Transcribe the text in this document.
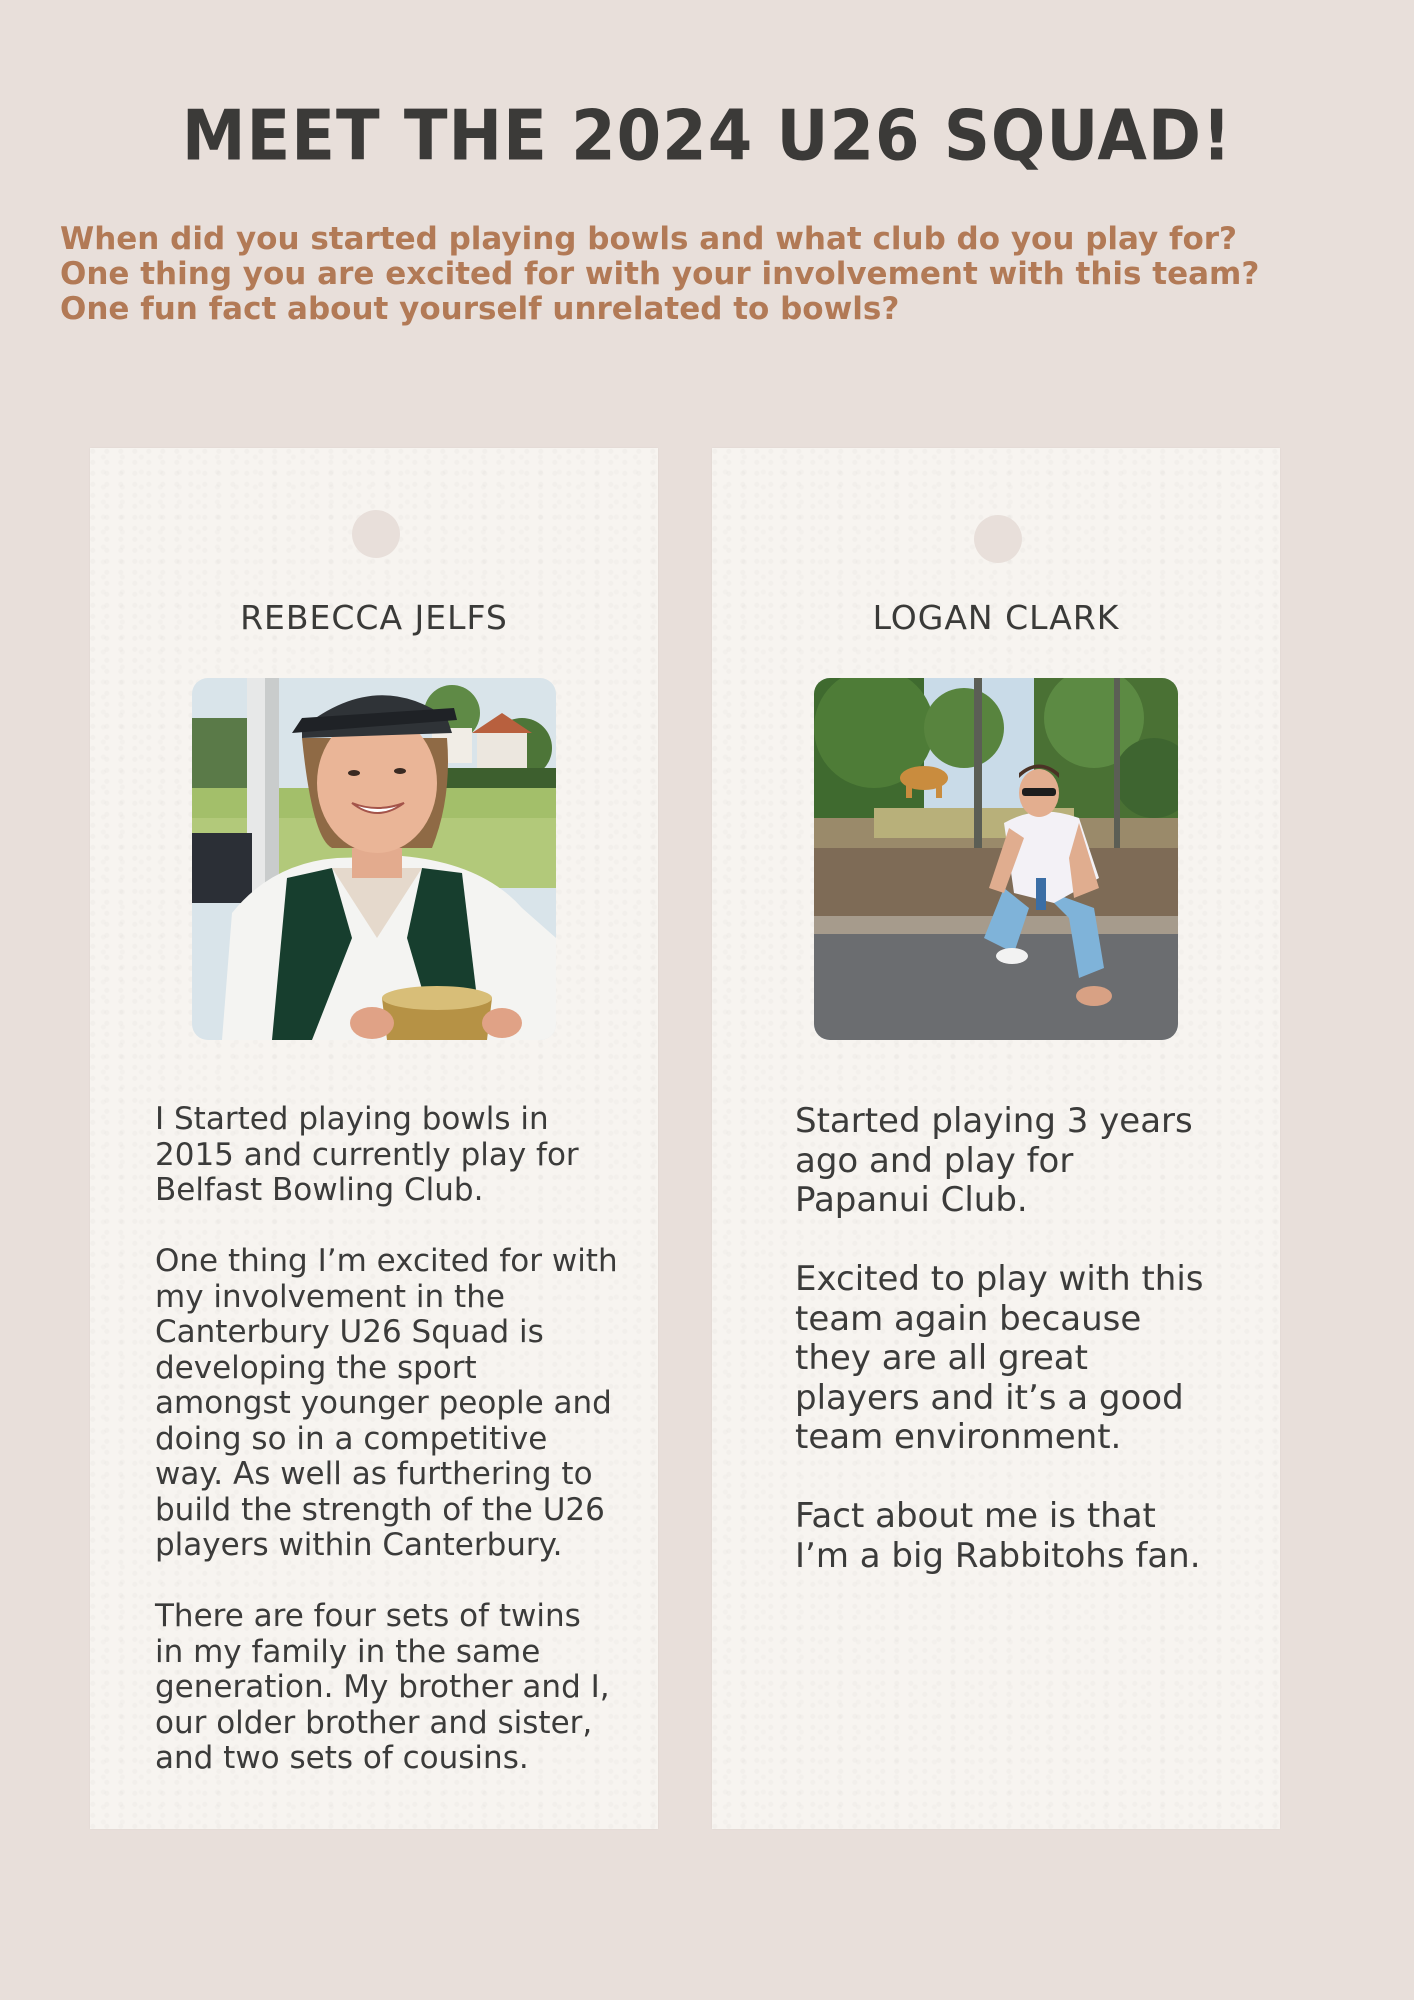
MEET THE 2024 U26 SQUAD!
When did you started playing bowls and what club do you play for?
One thing you are excited for with your involvement with this team?
One fun fact about yourself unrelated to bowls?
REBECCA JELFS

I Started playing bowls in
2015 and currently play for
Belfast Bowling Club.

One thing I’m excited for with
my involvement in the
Canterbury U26 Squad is
developing the sport
amongst younger people and
doing so in a competitive
way. As well as furthering to
build the strength of the U26
players within Canterbury.

There are four sets of twins
in my family in the same
generation. My brother and I,
our older brother and sister,
and two sets of cousins.

LOGAN CLARK

Started playing 3 years
ago and play for
Papanui Club.

Excited to play with this
team again because
they are all great
players and it’s a good
team environment.

Fact about me is that
I’m a big Rabbitohs fan.
